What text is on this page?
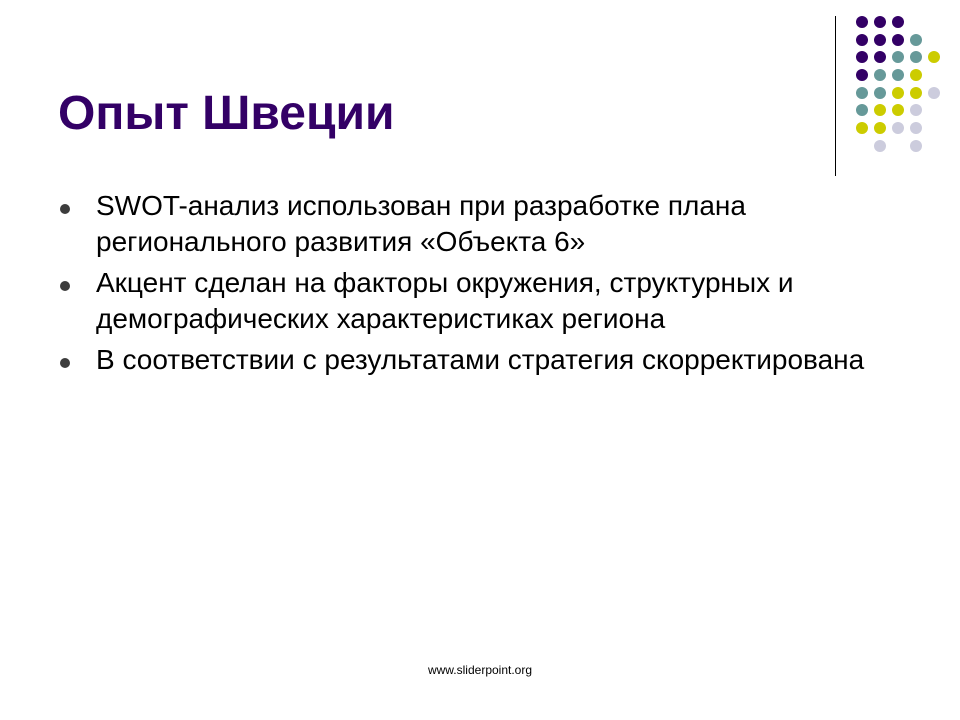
Опыт Швеции
SWOT-анализ использован при разработке плана регионального развития «Объекта 6»
Акцент сделан на факторы окружения, структурных и демографических характеристиках региона
В соответствии с результатами стратегия скорректирована
www.sliderpoint.org
